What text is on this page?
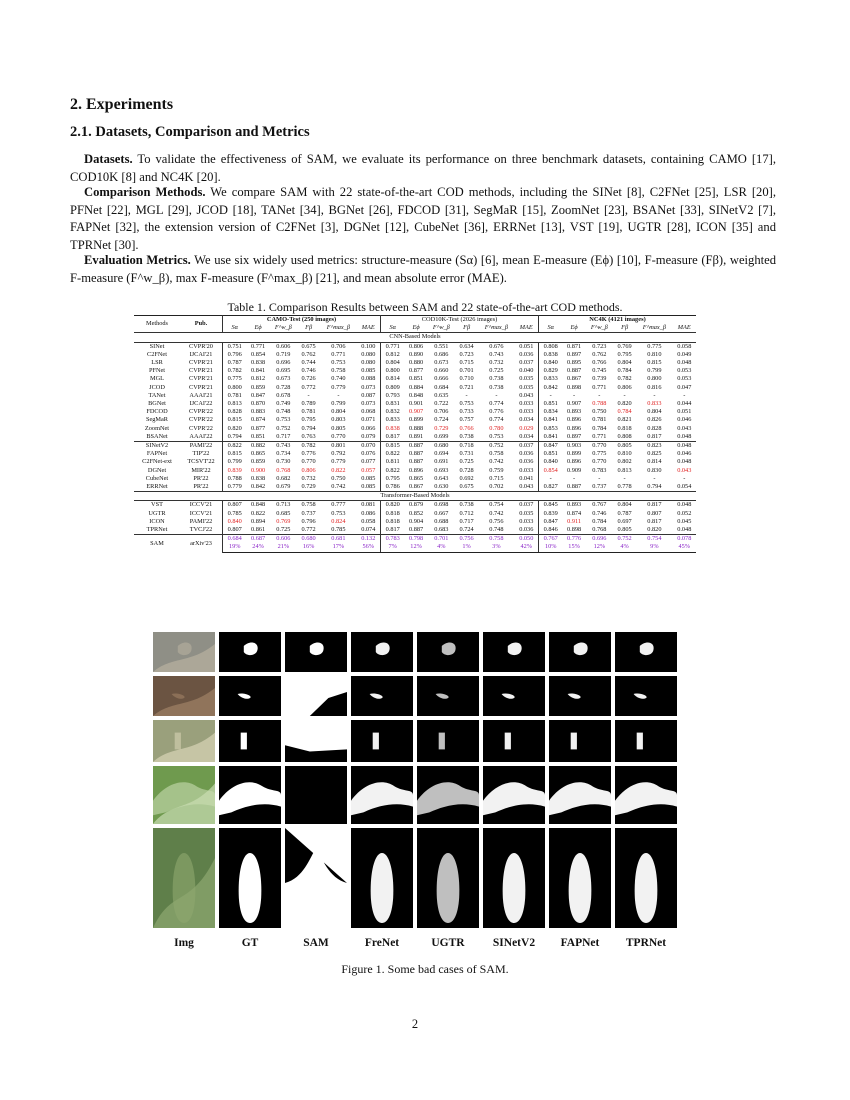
2. Experiments
2.1. Datasets, Comparison and Metrics

Datasets. To validate the effectiveness of SAM, we evaluate its performance on three benchmark datasets, containing CAMO [17], COD10K [8] and NC4K [20].

Comparison Methods. We compare SAM with 22 state-of-the-art COD methods, including the SINet [8], C2FNet [25], LSR [20], PFNet [22], MGL [29], JCOD [18], TANet [34], BGNet [26], FDCOD [31], SegMaR [15], ZoomNet [23], BSANet [33], SINetV2 [7], FAPNet [32], the extension version of C2FNet [3], DGNet [12], CubeNet [36], ERRNet [13], VST [19], UGTR [28], ICON [35] and TPRNet [30].

Evaluation Metrics. We use six widely used metrics: structure-measure (Sα) [6], mean E-measure (Eϕ) [10], F-measure (Fβ), weighted F-measure (F^w_β), max F-measure (F^max_β) [21], and mean absolute error (MAE).

Table 1. Comparison Results between SAM and 22 state-of-the-art COD methods.
Methods	Pub.	CAMO-Test (250 images)						COD10K-Test (2026 images)						NC4K (4121 images)					
		Sα	Eϕ	F^w_β	Fβ	F^max_β	MAE	Sα	Eϕ	F^w_β	Fβ	F^max_β	MAE	Sα	Eϕ	F^w_β	Fβ	F^max_β	MAE
CNN-Based Models																			
SINet	CVPR'20	0.751	0.771	0.606	0.675	0.706	0.100	0.771	0.806	0.551	0.634	0.676	0.051	0.808	0.871	0.723	0.769	0.775	0.058
C2FNet	IJCAI'21	0.796	0.854	0.719	0.762	0.771	0.080	0.812	0.890	0.686	0.723	0.743	0.036	0.838	0.897	0.762	0.795	0.810	0.049
LSR	CVPR'21	0.787	0.838	0.696	0.744	0.753	0.080	0.804	0.880	0.673	0.715	0.732	0.037	0.840	0.895	0.766	0.804	0.815	0.048
PFNet	CVPR'21	0.782	0.841	0.695	0.746	0.758	0.085	0.800	0.877	0.660	0.701	0.725	0.040	0.829	0.887	0.745	0.784	0.799	0.053
MGL	CVPR'21	0.775	0.812	0.673	0.726	0.740	0.088	0.814	0.851	0.666	0.710	0.738	0.035	0.833	0.867	0.739	0.782	0.800	0.053
JCOD	CVPR'21	0.800	0.859	0.728	0.772	0.779	0.073	0.809	0.884	0.684	0.721	0.738	0.035	0.842	0.898	0.771	0.806	0.816	0.047
TANet	AAAI'21	0.781	0.847	0.678	-	-	0.087	0.793	0.848	0.635	-	-	0.043	-	-	-	-	-	-
BGNet	IJCAI'22	0.813	0.870	0.749	0.789	0.799	0.073	0.831	0.901	0.722	0.753	0.774	0.033	0.851	0.907	0.788	0.820	0.833	0.044
FDCOD	CVPR'22	0.828	0.883	0.748	0.781	0.804	0.068	0.832	0.907	0.706	0.733	0.776	0.033	0.834	0.893	0.750	0.784	0.804	0.051
SegMaR	CVPR'22	0.815	0.874	0.753	0.795	0.803	0.071	0.833	0.899	0.724	0.757	0.774	0.034	0.841	0.896	0.781	0.821	0.826	0.046
ZoomNet	CVPR'22	0.820	0.877	0.752	0.794	0.805	0.066	0.838	0.888	0.729	0.766	0.780	0.029	0.853	0.896	0.784	0.818	0.828	0.043
BSANet	AAAI'22	0.794	0.851	0.717	0.763	0.770	0.079	0.817	0.891	0.699	0.738	0.753	0.034	0.841	0.897	0.771	0.808	0.817	0.048
SINetV2	PAMI'22	0.822	0.882	0.743	0.782	0.801	0.070	0.815	0.887	0.680	0.718	0.752	0.037	0.847	0.903	0.770	0.805	0.823	0.048
FAPNet	TIP'22	0.815	0.865	0.734	0.776	0.792	0.076	0.822	0.887	0.694	0.731	0.758	0.036	0.851	0.899	0.775	0.810	0.825	0.046
C2FNet-ext	TCSVT'22	0.799	0.859	0.730	0.770	0.779	0.077	0.811	0.887	0.691	0.725	0.742	0.036	0.840	0.896	0.770	0.802	0.814	0.048
DGNet	MIR'22	0.839	0.900	0.768	0.806	0.822	0.057	0.822	0.896	0.693	0.728	0.759	0.033	0.854	0.909	0.783	0.813	0.830	0.043
CubeNet	PR'22	0.788	0.838	0.682	0.732	0.750	0.085	0.795	0.865	0.643	0.692	0.715	0.041	-	-	-	-	-	-
ERRNet	PR'22	0.779	0.842	0.679	0.729	0.742	0.085	0.786	0.867	0.630	0.675	0.702	0.043	0.827	0.887	0.737	0.778	0.794	0.054
Transformer-Based Models																			
VST	ICCV'21	0.807	0.848	0.713	0.758	0.777	0.081	0.820	0.879	0.698	0.738	0.754	0.037	0.845	0.893	0.767	0.804	0.817	0.048
UGTR	ICCV'21	0.785	0.822	0.685	0.737	0.753	0.086	0.818	0.852	0.667	0.712	0.742	0.035	0.839	0.874	0.746	0.787	0.807	0.052
ICON	PAMI'22	0.840	0.894	0.769	0.796	0.824	0.058	0.818	0.904	0.688	0.717	0.756	0.033	0.847	0.911	0.784	0.697	0.817	0.045
TPRNet	TVCJ'22	0.807	0.861	0.725	0.772	0.785	0.074	0.817	0.887	0.683	0.724	0.748	0.036	0.846	0.898	0.768	0.805	0.820	0.048
SAM	arXiv'23	0.684	0.687	0.606	0.680	0.681	0.132	0.783	0.798	0.701	0.756	0.758	0.050	0.767	0.776	0.696	0.752	0.754	0.078
		19%	24%	21%	16%	17%	56%	7%	12%	4%	1%	3%	42%	10%	15%	12%	4%	9%	45%
Img	GT	SAM	FreNet	UGTR	SINetV2	FAPNet	TPRNet
Figure 1. Some bad cases of SAM.
2
